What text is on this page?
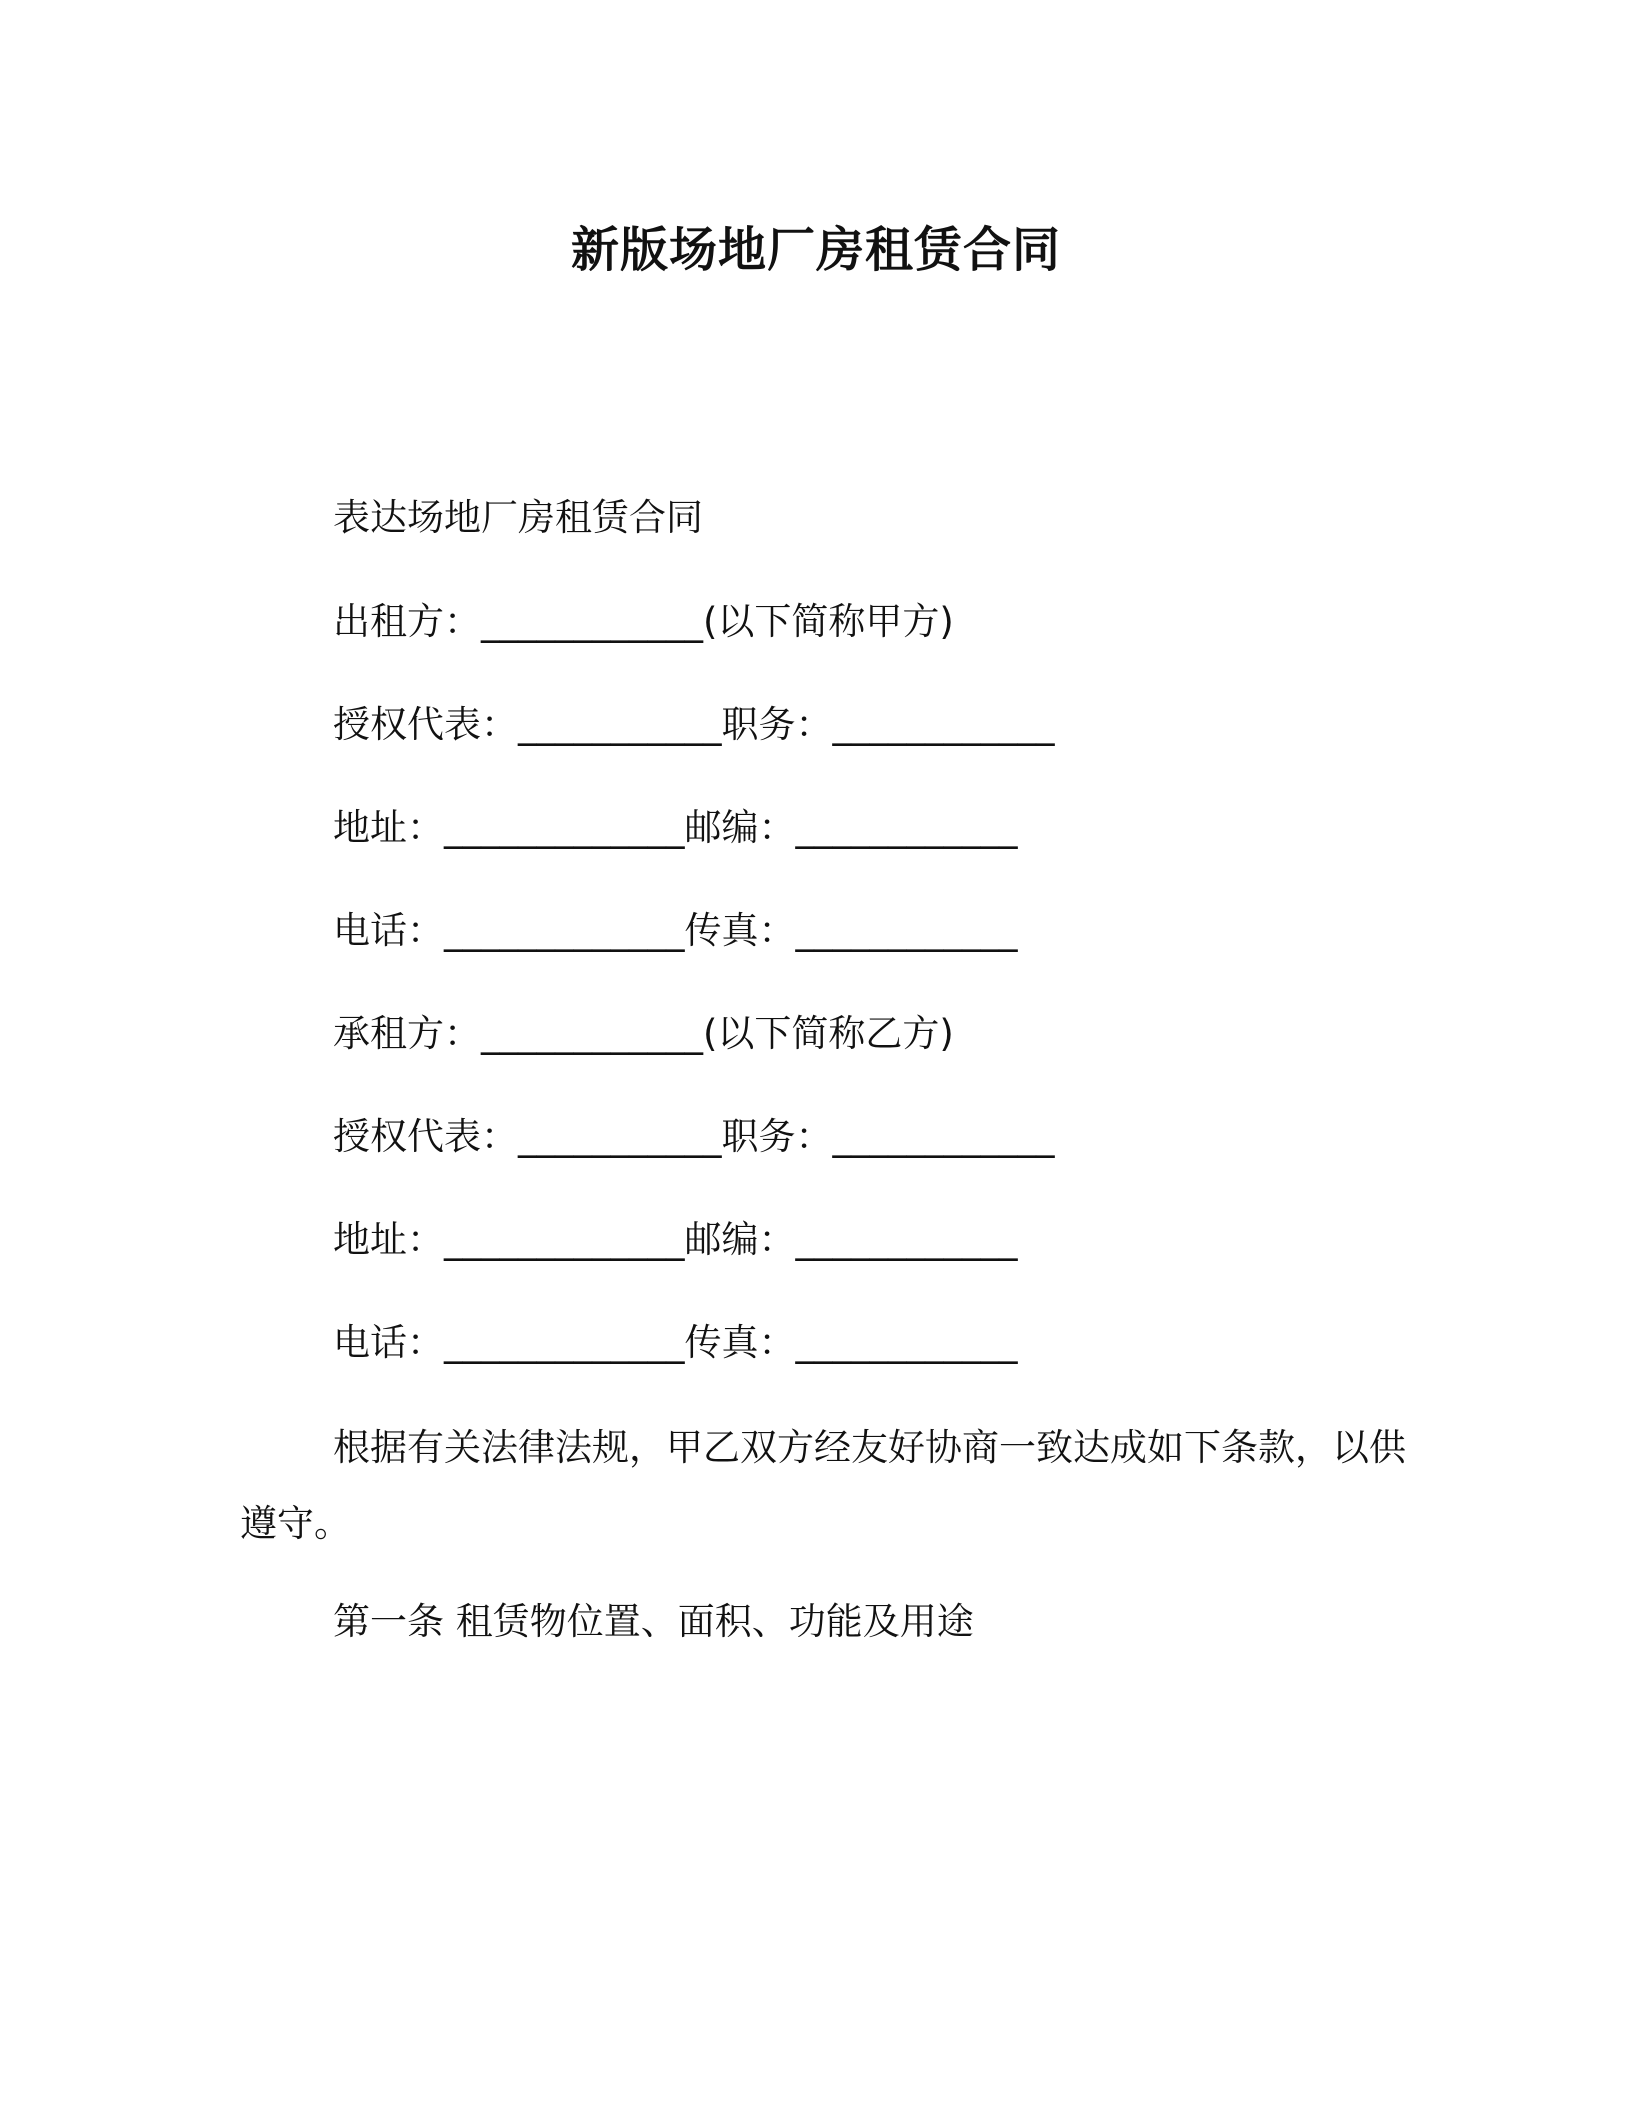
新版场地厂房租赁合同
表达场地厂房租赁合同
出租方：____________(以下简称甲方)
授权代表：___________职务：____________
地址：_____________邮编：____________
电话：_____________传真：____________
承租方：____________(以下简称乙方)
授权代表：___________职务：____________
地址：_____________邮编：____________
电话：_____________传真：____________
根据有关法律法规，甲乙双方经友好协商一致达成如下条款，以供遵守。
第一条 租赁物位置、面积、功能及用途
